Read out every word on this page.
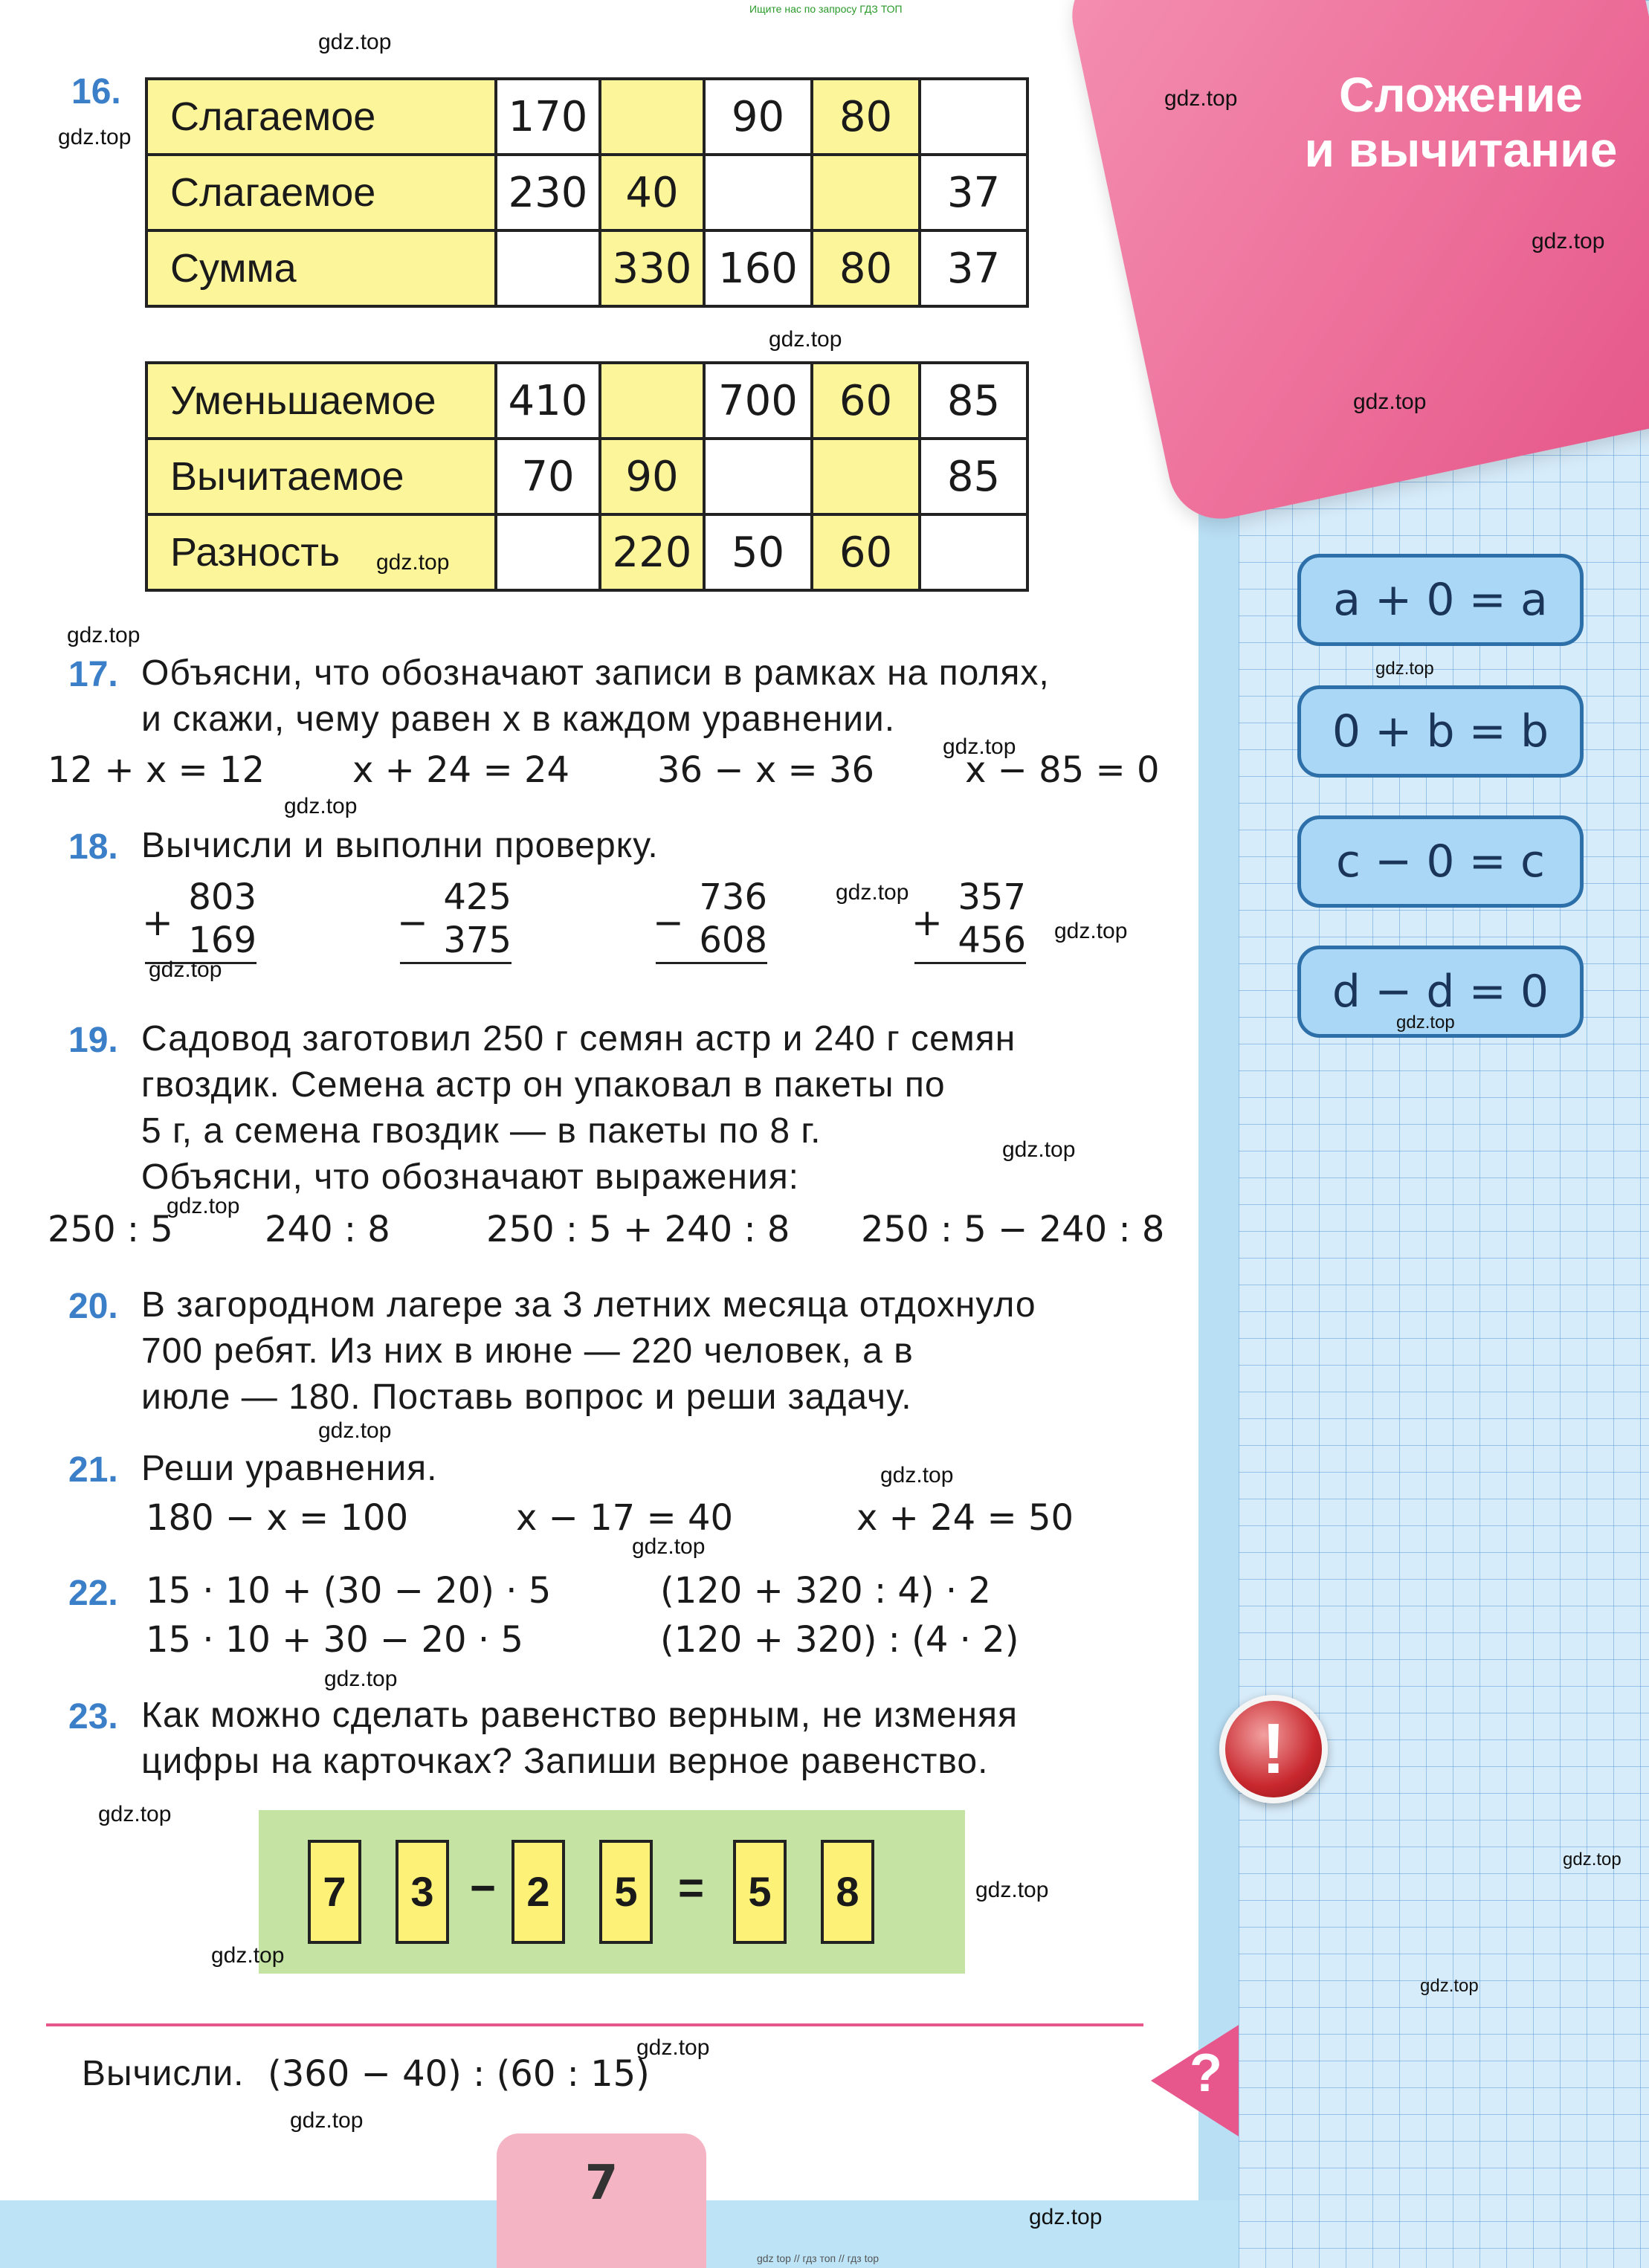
Сложение
и вычитание
a + 0 = a
0 + b = b
c − 0 = c
d − d = 0
!
7
?
Ищите нас по запросу ГДЗ ТОП
gdz top // гдз топ // гдз top
16.
Слагаемое	170		90	80	
Слагаемое	230	40			37
Сумма		330	160	80	37
Уменьшаемое	410		700	60	85
Вычитаемое	70	90			85
Разность		220	50	60	
17. Объясни, что обозначают записи в рамках на полях,
и скажи, чему равен x в каждом уравнении.
12 + x = 12 x + 24 = 24 36 − x = 36	x − 85 = 0
18. Вычисли и выполни проверку.
+
803
169	−
425
375	−
736
608	+
357
456
19. Садовод заготовил 250 г семян астр и 240 г семян
гвоздик. Семена астр он упаковал в пакеты по
5 г, а семена гвоздик — в пакеты по 8 г.
Объясни, что обозначают выражения:
250 : 5	240 : 8	250 : 5 + 240 : 8 250 : 5 − 240 : 8
20. В загородном лагере за 3 летних месяца отдохнуло
700 ребят. Из них в июне — 220 человек, а в
июле — 180. Поставь вопрос и реши задачу.
21. Реши уравнения.
180 − x = 100	x − 17 = 40	x + 24 = 50
22. 15 · 10 + (30 − 20) · 5	(120 + 320 : 4) · 2
15 · 10 + 30 − 20 · 5	(120 + 320) : (4 · 2)
23. Как можно сделать равенство верным, не изменяя
цифры на карточках? Запиши верное равенство.
7	3 − 2	5 =	5	8
Вычисли. (360 − 40) : (60 : 15)
gdz.top
gdz.top
gdz.top
gdz.top
gdz.top
gdz.top
gdz.top
gdz.top
gdz.top
gdz.top
gdz.top
gdz.top
gdz.top
gdz.top
gdz.top
gdz.top
gdz.top
gdz.top
gdz.top
gdz.top
gdz.top
gdz.top
gdz.top
gdz.top
gdz.top
gdz.top
gdz.top
gdz.top
gdz.top
